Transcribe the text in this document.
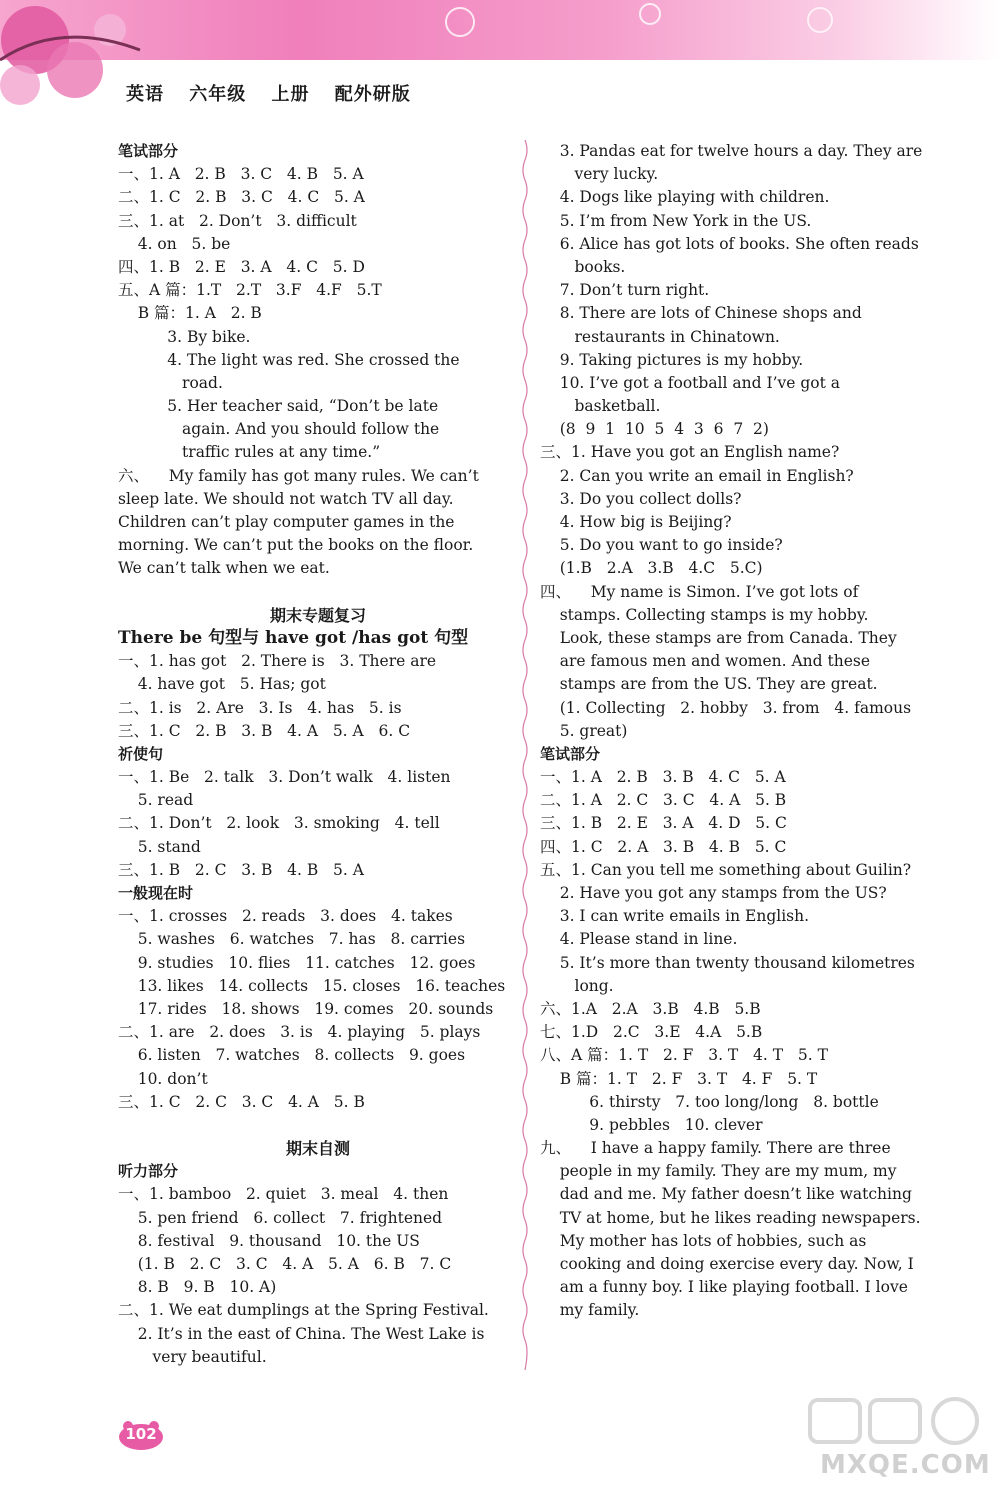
英语 六年级 上册 配外研版
笔试部分
一、1. A   2. B   3. C   4. B   5. A
二、1. C   2. B   3. C   4. C   5. A
三、1. at   2. Don’t   3. difficult
4. on   5. be
四、1. B   2. E   3. A   4. C   5. D
五、A 篇：1.T   2.T   3.F   4.F   5.T
B 篇：1. A   2. B
3. By bike.
4. The light was red. She crossed the
road.
5. Her teacher said, “Don’t be late
again. And you should follow the
traffic rules at any time.”
六、    My family has got many rules. We can’t
sleep late. We should not watch TV all day.
Children can’t play computer games in the
morning. We can’t put the books on the floor.
We can’t talk when we eat.
期末专题复习
There be 句型与 have got /has got 句型
一、1. has got   2. There is   3. There are
4. have got   5. Has; got
二、1. is   2. Are   3. Is   4. has   5. is
三、1. C   2. B   3. B   4. A   5. A   6. C
祈使句
一、1. Be   2. talk   3. Don’t walk   4. listen
5. read
二、1. Don’t   2. look   3. smoking   4. tell
5. stand
三、1. B   2. C   3. B   4. B   5. A
一般现在时
一、1. crosses   2. reads   3. does   4. takes
5. washes   6. watches   7. has   8. carries
9. studies   10. flies   11. catches   12. goes
13. likes   14. collects   15. closes   16. teaches
17. rides   18. shows   19. comes   20. sounds
二、1. are   2. does   3. is   4. playing   5. plays
6. listen   7. watches   8. collects   9. goes
10. don’t
三、1. C   2. C   3. C   4. A   5. B
期末自测
听力部分
一、1. bamboo   2. quiet   3. meal   4. then
5. pen friend   6. collect   7. frightened
8. festival   9. thousand   10. the US
(1. B   2. C   3. C   4. A   5. A   6. B   7. C
8. B   9. B   10. A)
二、1. We eat dumplings at the Spring Festival.
2. It’s in the east of China. The West Lake is
very beautiful.
3. Pandas eat for twelve hours a day. They are
very lucky.
4. Dogs like playing with children.
5. I’m from New York in the US.
6. Alice has got lots of books. She often reads
books.
7. Don’t turn right.
8. There are lots of Chinese shops and
restaurants in Chinatown.
9. Taking pictures is my hobby.
10. I’ve got a football and I’ve got a
basketball.
(8  9  1  10  5  4  3  6  7  2)
三、1. Have you got an English name?
2. Can you write an email in English?
3. Do you collect dolls?
4. How big is Beijing?
5. Do you want to go inside?
(1.B   2.A   3.B   4.C   5.C)
四、    My name is Simon. I’ve got lots of
stamps. Collecting stamps is my hobby.
Look, these stamps are from Canada. They
are famous men and women. And these
stamps are from the US. They are great.
(1. Collecting   2. hobby   3. from   4. famous
5. great)
笔试部分
一、1. A   2. B   3. B   4. C   5. A
二、1. A   2. C   3. C   4. A   5. B
三、1. B   2. E   3. A   4. D   5. C
四、1. C   2. A   3. B   4. B   5. C
五、1. Can you tell me something about Guilin?
2. Have you got any stamps from the US?
3. I can write emails in English.
4. Please stand in line.
5. It’s more than twenty thousand kilometres
long.
六、1.A   2.A   3.B   4.B   5.B
七、1.D   2.C   3.E   4.A   5.B
八、A 篇：1. T   2. F   3. T   4. T   5. T
B 篇：1. T   2. F   3. T   4. F   5. T
6. thirsty   7. too long/long   8. bottle
9. pebbles   10. clever
九、    I have a happy family. There are three
people in my family. They are my mum, my
dad and me. My father doesn’t like watching
TV at home, but he likes reading newspapers.
My mother has lots of hobbies, such as
cooking and doing exercise every day. Now, I
am a funny boy. I like playing football. I love
my family.
102
MXQE.COM
